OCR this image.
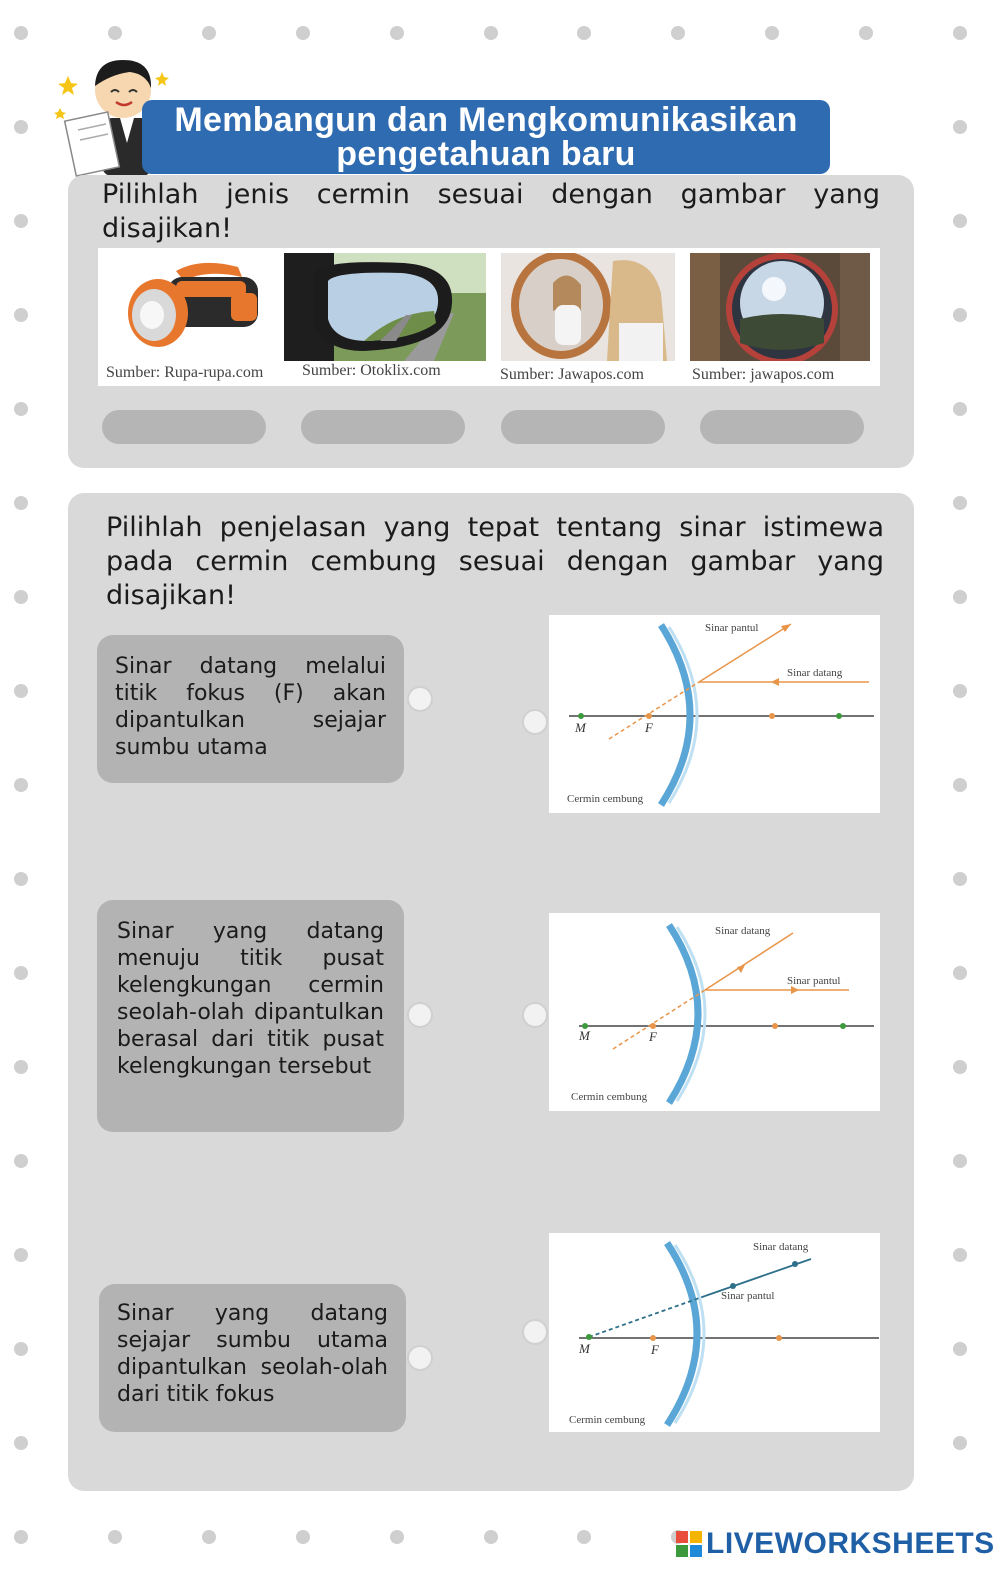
Membangun dan Mengkomunikasikan
pengetahuan baru
Pilihlah jenis cermin sesuai dengan gambar yang disajikan!
Sumber: Rupa-rupa.com Sumber: Otoklix.com	Sumber: Jawapos.com	Sumber: jawapos.com
Pilihlah penjelasan yang tepat tentang sinar istimewa pada cermin cembung sesuai dengan gambar yang disajikan!
Sinar datang melalui titik fokus (F) akan dipantulkan sejajar sumbu utama
Sinar yang datang menuju titik pusat kelengkungan cermin seolah-olah dipantulkan berasal dari titik pusat kelengkungan tersebut
Sinar yang datang sejajar sumbu utama dipantulkan seolah-olah dari titik fokus
Sinar pantul
Sinar datang
M	F
Cermin cembung
Sinar datang
Sinar pantul
M	F
Cermin cembung
Sinar datang
Sinar pantul
M	F
Cermin cembung
LIVEWORKSHEETS
